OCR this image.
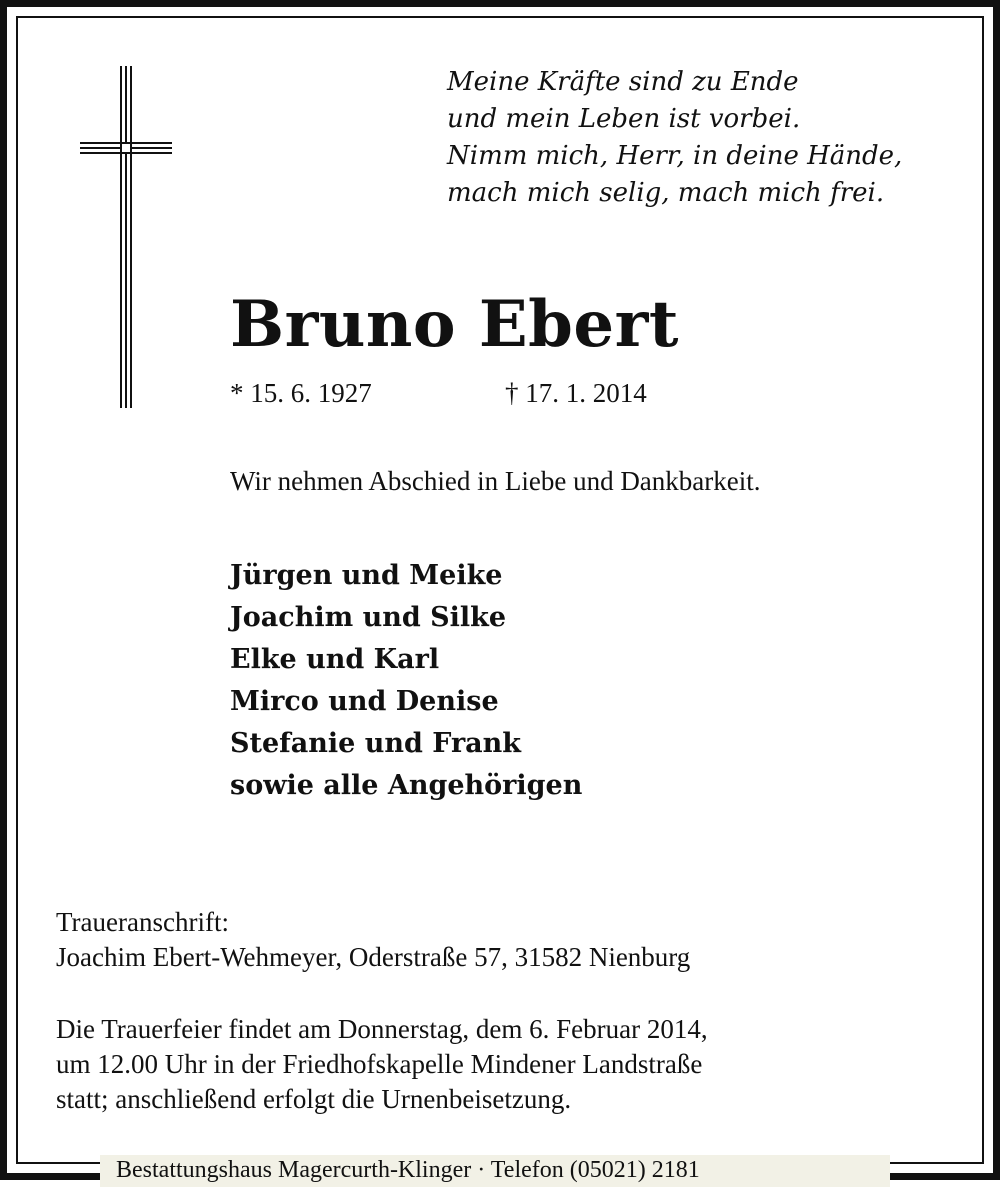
Meine Kräfte sind zu Ende
und mein Leben ist vorbei.
Nimm mich, Herr, in deine Hände,
mach mich selig, mach mich frei.
Bruno Ebert
* 15. 6. 1927	† 17. 1. 2014
Wir nehmen Abschied in Liebe und Dankbarkeit.
Jürgen und Meike
Joachim und Silke
Elke und Karl
Mirco und Denise
Stefanie und Frank
sowie alle Angehörigen
Traueranschrift:
Joachim Ebert-Wehmeyer, Oderstraße 57, 31582 Nienburg
Die Trauerfeier findet am Donnerstag, dem 6. Februar 2014,
um 12.00 Uhr in der Friedhofskapelle Mindener Landstraße
statt; anschließend erfolgt die Urnenbeisetzung.
Bestattungshaus Magercurth-Klinger · Telefon (05021) 2181
